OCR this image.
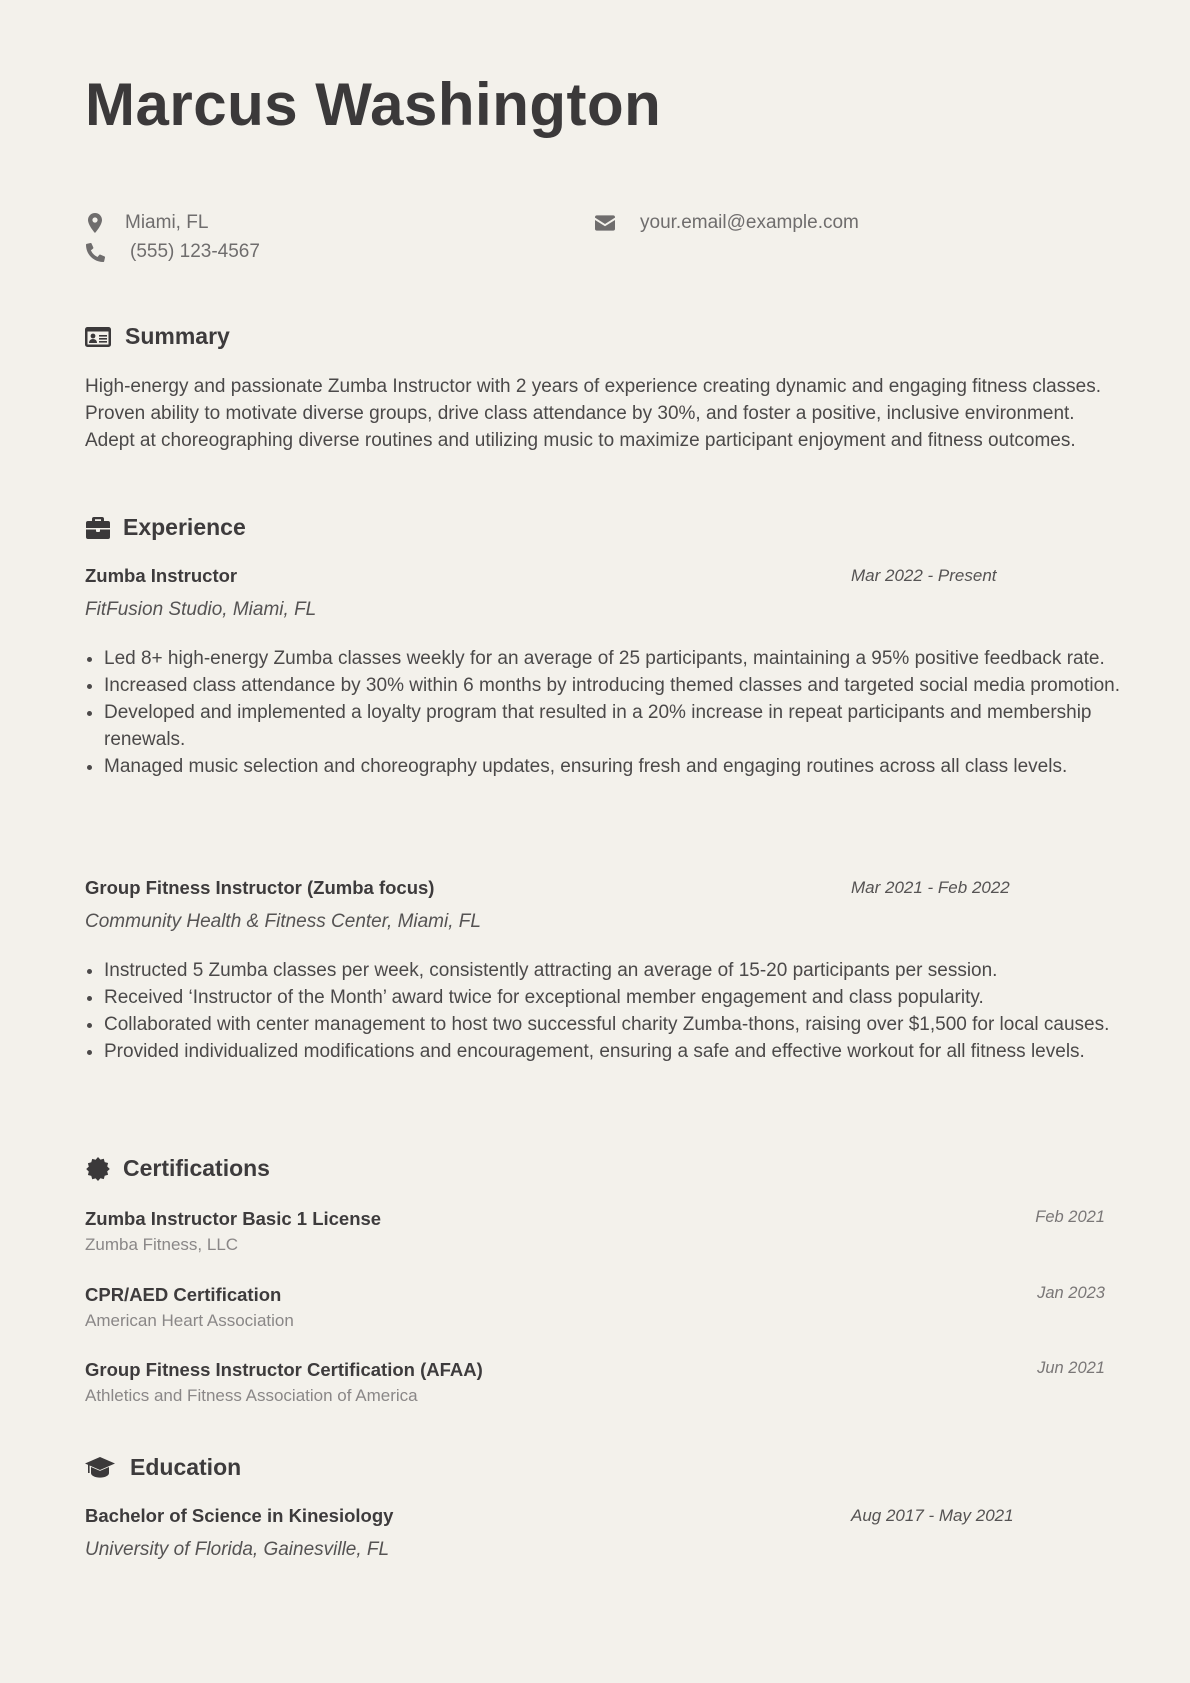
Marcus Washington
Miami, FL
(555) 123-4567
your.email@example.com
Summary

High-energy and passionate Zumba Instructor with 2 years of experience creating dynamic and engaging fitness classes. Proven ability to motivate diverse groups, drive class attendance by 30%, and foster a positive, inclusive environment. Adept at choreographing diverse routines and utilizing music to maximize participant enjoyment and fitness outcomes.

Experience
Zumba Instructor	Mar 2022 - Present
FitFusion Studio, Miami, FL
• Led 8+ high-energy Zumba classes weekly for an average of 25 participants, maintaining a 95% positive feedback rate.
• Increased class attendance by 30% within 6 months by introducing themed classes and targeted social media promotion.
• Developed and implemented a loyalty program that resulted in a 20% increase in repeat participants and membership renewals.
• Managed music selection and choreography updates, ensuring fresh and engaging routines across all class levels.
Group Fitness Instructor (Zumba focus)	Mar 2021 - Feb 2022
Community Health & Fitness Center, Miami, FL
• Instructed 5 Zumba classes per week, consistently attracting an average of 15-20 participants per session.
• Received ‘Instructor of the Month’ award twice for exceptional member engagement and class popularity.
• Collaborated with center management to host two successful charity Zumba-thons, raising over $1,500 for local causes.
• Provided individualized modifications and encouragement, ensuring a safe and effective workout for all fitness levels.
Certifications
Zumba Instructor Basic 1 License	Feb 2021
Zumba Fitness, LLC
CPR/AED Certification	Jan 2023
American Heart Association
Group Fitness Instructor Certification (AFAA)	Jun 2021
Athletics and Fitness Association of America
Education
Bachelor of Science in Kinesiology	Aug 2017 - May 2021
University of Florida, Gainesville, FL
